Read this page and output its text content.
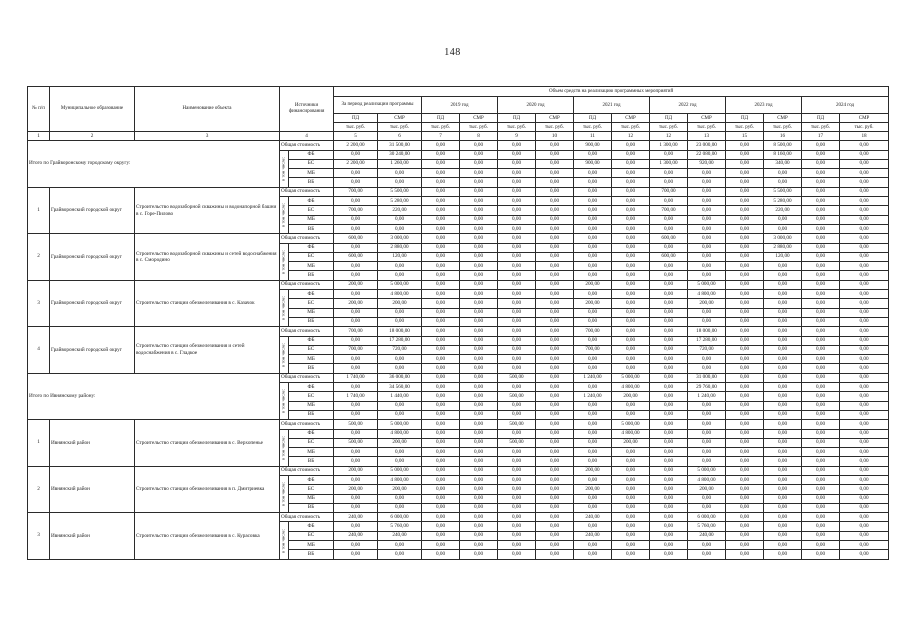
148
№ п/п	Муниципальное образование	Наименование объекта	Источники финансирования		Объем средств на реализацию программных мероприятий													
					За период реализации программы		2019 год		2020 год		2021 год		2022 год		2023 год		2024 год	
					ПД	СМР	ПД	СМР	ПД	СМР	ПД	СМР	ПД	СМР	ПД	СМР	ПД	СМР
					тыс. руб.	тыс. руб.	тыс. руб.	тыс. руб.	тыс. руб.	тыс. руб.	тыс. руб.	тыс. руб.	тыс. руб.	тыс. руб.	тыс. руб.	тыс. руб.	тыс. руб.	тыс. руб.
1	2	3	4		5	6	7	8	9	10	11	12	12	13	15	16	17	18
Итого по Грайворонскому городскому округу:			Общая стоимость		2 200,00	31 500,00	0,00	0,00	0,00	0,00	900,00	0,00	1 300,00	23 000,00	0,00	8 500,00	0,00	0,00

			в том числе:	ФБ	0,00	30 240,00	0,00	0,00	0,00	0,00	0,00	0,00	0,00	22 080,00	0,00	8 160,00	0,00	0,00
				БС	2 200,00	1 260,00	0,00	0,00	0,00	0,00	900,00	0,00	1 300,00	920,00	0,00	340,00	0,00	0,00
				МБ	0,00	0,00	0,00	0,00	0,00	0,00	0,00	0,00	0,00	0,00	0,00	0,00	0,00	0,00
				ВБ	0,00	0,00	0,00	0,00	0,00	0,00	0,00	0,00	0,00	0,00	0,00	0,00	0,00	0,00
1	Грайворонский городской округ	Строительство водозаборной скважины и водонапорной башни в с. Горе-Пилово	Общая стоимость		700,00	5 500,00	0,00	0,00	0,00	0,00	0,00	0,00	700,00	0,00	0,00	5 500,00	0,00	0,00

			в том числе:	ФБ	0,00	5 280,00	0,00	0,00	0,00	0,00	0,00	0,00	0,00	0,00	0,00	5 280,00	0,00	0,00
				БС	700,00	220,00	0,00	0,00	0,00	0,00	0,00	0,00	700,00	0,00	0,00	220,00	0,00	0,00
				МБ	0,00	0,00	0,00	0,00	0,00	0,00	0,00	0,00	0,00	0,00	0,00	0,00	0,00	0,00
				ВБ	0,00	0,00	0,00	0,00	0,00	0,00	0,00	0,00	0,00	0,00	0,00	0,00	0,00	0,00
2	Грайворонский городской округ	Строительство водозаборной скважины и сетей водоснабжения в с. Смородино	Общая стоимость		600,00	3 000,00	0,00	0,00	0,00	0,00	0,00	0,00	600,00	0,00	0,00	3 000,00	0,00	0,00

			в том числе:	ФБ	0,00	2 880,00	0,00	0,00	0,00	0,00	0,00	0,00	0,00	0,00	0,00	2 880,00	0,00	0,00
				БС	600,00	120,00	0,00	0,00	0,00	0,00	0,00	0,00	600,00	0,00	0,00	120,00	0,00	0,00
				МБ	0,00	0,00	0,00	0,00	0,00	0,00	0,00	0,00	0,00	0,00	0,00	0,00	0,00	0,00
				ВБ	0,00	0,00	0,00	0,00	0,00	0,00	0,00	0,00	0,00	0,00	0,00	0,00	0,00	0,00
3	Грайворонский городской округ	Строительство станции обезжелезивания в с. Казачок	Общая стоимость		200,00	5 000,00	0,00	0,00	0,00	0,00	200,00	0,00	0,00	5 000,00	0,00	0,00	0,00	0,00

			в том числе:	ФБ	0,00	4 800,00	0,00	0,00	0,00	0,00	0,00	0,00	0,00	4 800,00	0,00	0,00	0,00	0,00
				БС	200,00	200,00	0,00	0,00	0,00	0,00	200,00	0,00	0,00	200,00	0,00	0,00	0,00	0,00
				МБ	0,00	0,00	0,00	0,00	0,00	0,00	0,00	0,00	0,00	0,00	0,00	0,00	0,00	0,00
				ВБ	0,00	0,00	0,00	0,00	0,00	0,00	0,00	0,00	0,00	0,00	0,00	0,00	0,00	0,00
4	Грайворонский городской округ	Строительство станции обезжелезивания и сетей водоснабжения в с. Гладкое	Общая стоимость		700,00	18 000,00	0,00	0,00	0,00	0,00	700,00	0,00	0,00	18 000,00	0,00	0,00	0,00	0,00

			в том числе:	ФБ	0,00	17 280,00	0,00	0,00	0,00	0,00	0,00	0,00	0,00	17 280,00	0,00	0,00	0,00	0,00
				БС	700,00	720,00	0,00	0,00	0,00	0,00	700,00	0,00	0,00	720,00	0,00	0,00	0,00	0,00
				МБ	0,00	0,00	0,00	0,00	0,00	0,00	0,00	0,00	0,00	0,00	0,00	0,00	0,00	0,00
				ВБ	0,00	0,00	0,00	0,00	0,00	0,00	0,00	0,00	0,00	0,00	0,00	0,00	0,00	0,00
Итого по Ивнянскому району:			Общая стоимость		1 740,00	36 000,00	0,00	0,00	500,00	0,00	1 240,00	5 000,00	0,00	31 000,00	0,00	0,00	0,00	0,00

			в том числе:	ФБ	0,00	34 560,00	0,00	0,00	0,00	0,00	0,00	4 800,00	0,00	29 760,00	0,00	0,00	0,00	0,00
				БС	1 740,00	1 440,00	0,00	0,00	500,00	0,00	1 240,00	200,00	0,00	1 240,00	0,00	0,00	0,00	0,00
				МБ	0,00	0,00	0,00	0,00	0,00	0,00	0,00	0,00	0,00	0,00	0,00	0,00	0,00	0,00
				ВБ	0,00	0,00	0,00	0,00	0,00	0,00	0,00	0,00	0,00	0,00	0,00	0,00	0,00	0,00
1	Ивнянский район	Строительство станции обезжелезивания в с. Верхопенье	Общая стоимость		500,00	5 000,00	0,00	0,00	500,00	0,00	0,00	5 000,00	0,00	0,00	0,00	0,00	0,00	0,00

			в том числе:	ФБ	0,00	4 800,00	0,00	0,00	0,00	0,00	0,00	4 800,00	0,00	0,00	0,00	0,00	0,00	0,00
				БС	500,00	200,00	0,00	0,00	500,00	0,00	0,00	200,00	0,00	0,00	0,00	0,00	0,00	0,00
				МБ	0,00	0,00	0,00	0,00	0,00	0,00	0,00	0,00	0,00	0,00	0,00	0,00	0,00	0,00
				ВБ	0,00	0,00	0,00	0,00	0,00	0,00	0,00	0,00	0,00	0,00	0,00	0,00	0,00	0,00
2	Ивнянский район	Строительство станции обезжелезивания в п. Дмитриевка	Общая стоимость		200,00	5 000,00	0,00	0,00	0,00	0,00	200,00	0,00	0,00	5 000,00	0,00	0,00	0,00	0,00

			в том числе:	ФБ	0,00	4 800,00	0,00	0,00	0,00	0,00	0,00	0,00	0,00	4 800,00	0,00	0,00	0,00	0,00
				БС	200,00	200,00	0,00	0,00	0,00	0,00	200,00	0,00	0,00	200,00	0,00	0,00	0,00	0,00
				МБ	0,00	0,00	0,00	0,00	0,00	0,00	0,00	0,00	0,00	0,00	0,00	0,00	0,00	0,00
				ВБ	0,00	0,00	0,00	0,00	0,00	0,00	0,00	0,00	0,00	0,00	0,00	0,00	0,00	0,00
3	Ивнянский район	Строительство станции обезжелезивания в с. Курасовка	Общая стоимость		240,00	6 000,00	0,00	0,00	0,00	0,00	240,00	0,00	0,00	6 000,00	0,00	0,00	0,00	0,00

			в том числе:	ФБ	0,00	5 760,00	0,00	0,00	0,00	0,00	0,00	0,00	0,00	5 760,00	0,00	0,00	0,00	0,00
				БС	240,00	240,00	0,00	0,00	0,00	0,00	240,00	0,00	0,00	240,00	0,00	0,00	0,00	0,00
				МБ	0,00	0,00	0,00	0,00	0,00	0,00	0,00	0,00	0,00	0,00	0,00	0,00	0,00	0,00
				ВБ	0,00	0,00	0,00	0,00	0,00	0,00	0,00	0,00	0,00	0,00	0,00	0,00	0,00	0,00
